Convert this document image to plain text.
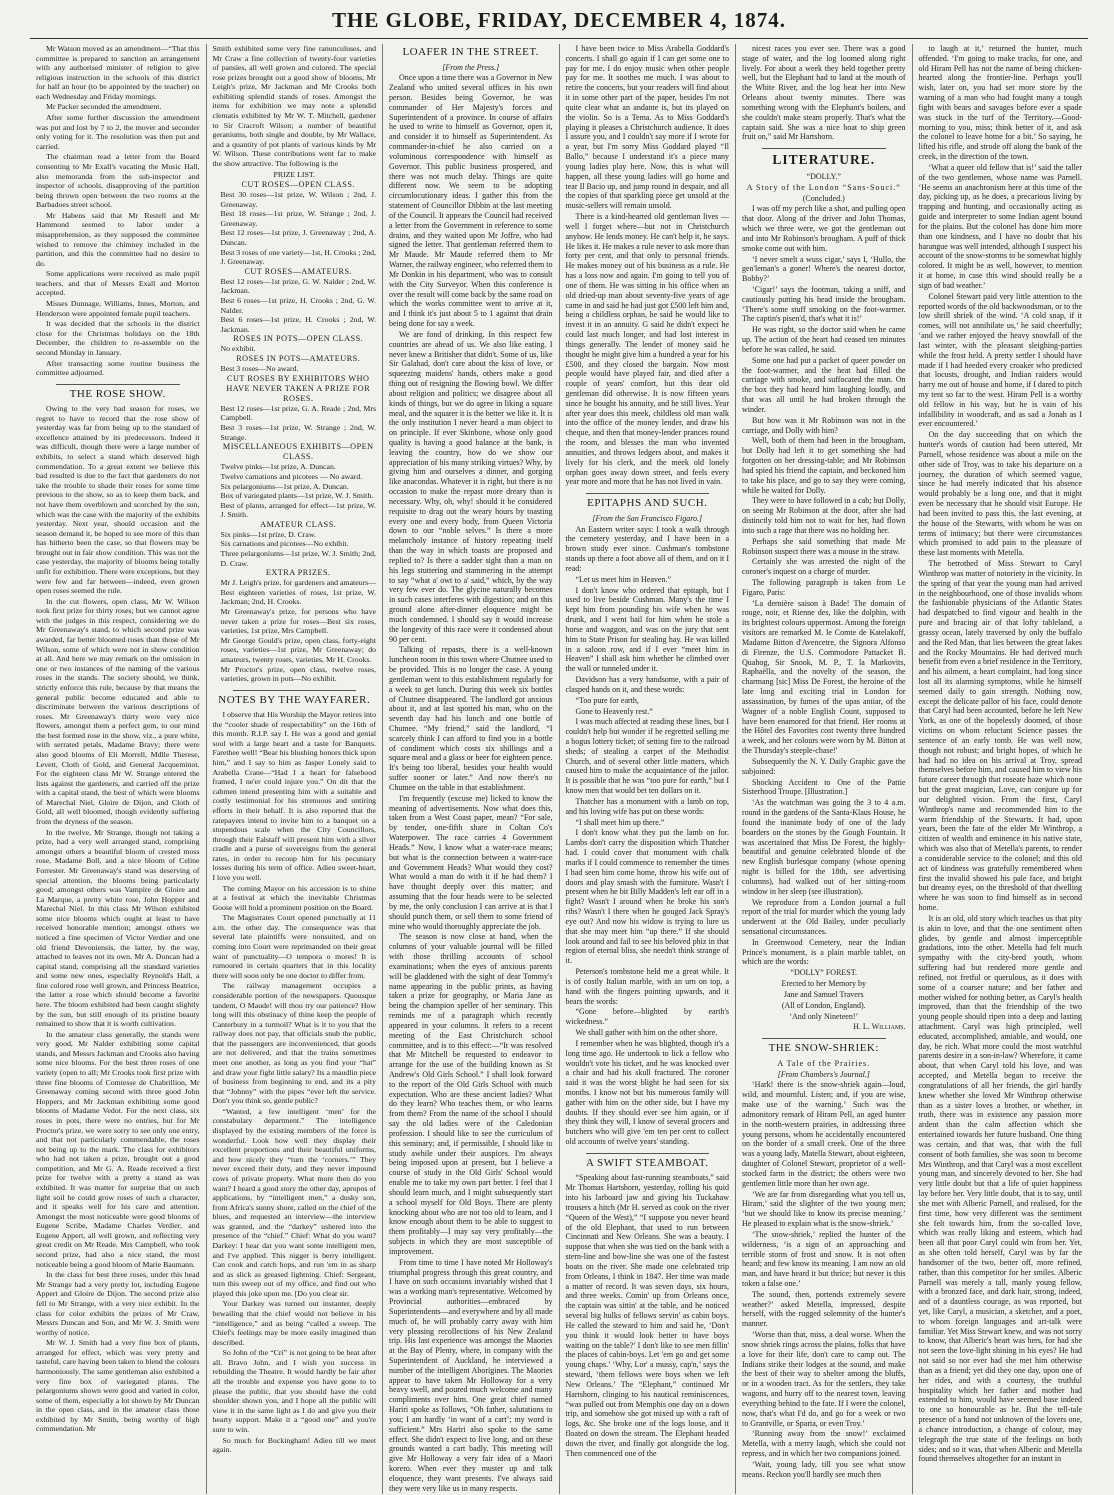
THE GLOBE, FRIDAY, DECEMBER 4, 1874.

Mr Watson moved as an amendment—“That this committee is prepared to sanction an arrangement with any authorised minister of religion to give religious instruction in the schools of this district for half an hour (to be appointed by the teacher) on each Wednesday and Friday mornings.

Mr Packer seconded the amendment.

After some further discussion the amendment was put and lost by 7 to 2, the mover and seconder only voting for it. The resolution was then put and carried.

The chairman read a letter from the Board consenting to Mr Exall's vacating the Music Hall, also memoranda from the sub-inspector and inspector of schools, disapproving of the partition being thrown open between the two rooms at the Barbadoes street school.

Mr Habens said that Mr Restell and Mr Hammond seemed to labor under a misapprehension, as they supposed the committee wished to remove the chimney included in the partition, and this the committee had no desire to do.

Some applications were received as male pupil teachers, and that of Messrs Exall and Morton accepted.

Misses Dunnage, Williams, Innes, Morton, and Henderson were appointed female pupil teachers.

It was decided that the schools in the district close for the Christmas holidays on the 18th December, the children to re-assemble on the second Monday in January.

After transacting some routine business the committee adjourned.

THE ROSE SHOW.

Owing to the very bad season for roses, we regret to have to record that the rose show of yesterday was far from being up to the standard of excellence attained by its predecessors. Indeed it was difficult, though there were a large number of exhibits, to select a stand which deserved high commendation. To a great extent we believe this bad resulted is due to the fact that gardeners do not take the trouble to shade their roses for some time previous to the show, so as to keep them back, and not have them overblown and scorched by the sun, which was the case with the majority of the exhibits yesterday. Next year, should occasion and the season demand it, be hoped to see more of this than has hitherto been the case, so that flowers may be brought out in fair show condition. This was not the case yesterday, the majority of blooms being totally unfit for exhibition. There were exceptions, but they were few and far between—indeed, even grown open roses seemed the rule.

In the cut flowers, open class, Mr W. Wilson took first prize for thirty roses; but we cannot agree with the judges in this respect, considering we do Mr Greenaway's stand, to which second prize was awarded, far better bloomed roses than those of Mr Wilson, some of which were not in show condition at all. And here we may remark on the omission in one or two instances of the naming of the various roses in the stands. The society should, we think, strictly enforce this rule, because by that means the general public become educated and able to discriminate between the various descriptions of roses. Mr Greenaway's thirty were very nice flowers, amongst them a perfect gem, to our mind the best formed rose in the show, viz., a pure white, with serrated petals, Madame Bravy; there were also good blooms of Eli Morrell, Mdlle Therese, Levett, Cloth of Gold, and General Jacqueminot. For the eighteen class Mr W. Strange entered the lists against the gardeners, and carried off the prize with a capital stand, the best of which were blooms of Marechal Niel, Gloire de Dijon, and Cloth of Gold, all well bloomed, though evidently suffering from the dryness of the season.

In the twelve, Mr Strange, though not taking a prize, had a very well arranged stand, comprising amongst others a beautiful bloom of crested moss rose, Madame Boll, and a nice bloom of Celine Forrester. Mr Greenaway's stand was deserving of special attention, the blooms being particularly good; amongst others was Vampire de Gloire and La Marque, a pretty white rose, John Hopper and Marechal Niel. In this class Mr Wilson exhibited some nice blooms which ought at least to have received honorable mention; amongst others we noticed a fine specimen of Victor Verdier and one old friend Devoniensis, the latter, by the way, attached to leaves not its own. Mr A. Duncan had a capital stand, comprising all the standard varieties and some new ones, especially Reynold's Hall, a fine colored rose well grown, and Princess Beatrice, the latter a rose which should become a favorite here. The bloom exhibited had been caught slightly by the sun, but still enough of its pristine beauty remained to show that it is worth cultivation.

In the amateur class generally, the stands were very good, Mr Nalder exhibiting some capital stands, and Messrs Jackman and Crooks also having some nice blooms. For the best three roses of one variety (open to all; Mr Crooks took first prize with three fine blooms of Comtesse de Chabrillion, Mr Greenaway coming second with three good John Hoppers, and Mr Jackman exhibiting some good blooms of Madame Vedot. For the next class, six roses in pots, there were no entries, but for Mr Proctor's prize, we were sorry to see only one entry, and that not particularly commendable, the roses not being up to the mark. The class for exhibitors who had not taken a prize, brought out a good competition, and Mr G. A. Reade received a first prize for twelve with a pretty a stand as was exhibited. It was matter for surprise that on such light soil he could grow roses of such a character, and it speaks well for his care and attention. Amongst the most noticeable were good blooms of Eugene Scribe, Madame Charles Verdier, and Eugene Appert, all well grown, and reflecting very great credit on Mr Reade. Mrs Campbell, who took second prize, had also a nice stand, the most noticeable being a good bloom of Marie Baumann.

In the class for best three roses, under this head Mr Strange had a very pretty lot, including Eugene Appert and Gloire de Dijon. The second prize also fell to Mr Strange, with a very nice exhibit. In the class for color exhibits the prizes of Mr Craw, Messrs Duncan and Son, and Mr W. J. Smith were worthy of notice.

Mr W. J. Smith had a very fine box of plants, arranged for effect, which was very pretty and tasteful, care having been taken to blend the colours harmoniously. The same gentleman also exhibited a very fine box of variegated plants. The pelargoniums shown were good and varied in color, some of them, especially a lot shown by Mr Duncan in the open class, and in the amateur class those exhibited by Mr Smith, being worthy of high commendation. Mr

Smith exhibited some very fine ranunculuses, and Mr Craw a fine collection of twenty-four varieties of pansies, all well grown and colored. The special rose prizes brought out a good show of blooms, Mr Leigh's prize, Mr Jackman and Mr Crooks both exhibiting splendid stands of roses. Amongst the items for exhibition we may note a splendid clematis exhibited by Mr W. T. Mitchell, gardener to Sir Cracroft Wilson; a number of beautiful geraniums, both single and double, by Mr Wallace, and a quantity of pot plants of various kinds by Mr W. Wilson. These contributions went far to make the show attractive. The following is the

PRIZE LIST.

CUT ROSES—OPEN CLASS.

Best 30 roses—1st prize, W. Wilson ; 2nd, J. Greenaway.

Best 18 roses—1st prize, W. Strange ; 2nd, J. Greenaway.

Best 12 roses—1st prize, J. Greenaway ; 2nd, A. Duncan.

Best 3 roses of one variety—1st, H. Crooks ; 2nd, J. Greenaway.

CUT ROSES—AMATEURS.

Best 12 roses—1st prize, G. W. Nalder ; 2nd, W. Jackman.

Best 6 roses—1st prize, H. Crooks ; 2nd, G. W. Nalder.

Best 6 roses—1st prize, H. Crooks ; 2nd, W. Jackman.

ROSES IN POTS—OPEN CLASS.

No exhibit.

ROSES IN POTS—AMATEURS.

Best 3 roses—No award.

CUT ROSES BY EXHIBITORS WHO HAVE NEVER TAKEN A PRIZE FOR ROSES.

Best 12 roses—1st prize, G. A. Reade ; 2nd, Mrs Campbell.

Best 3 roses—1st prize, W. Strange ; 2nd, W. Strange.

MISCELLANEOUS EXHIBITS—OPEN CLASS.

Twelve pinks—1st prize, A. Duncan.

Twelve carnations and picotees — No award.

Six pelargoniums—1st prize, A. Duncan.

Box of variegated plants—1st prize, W. J. Smith.

Best of plants, arranged for effect—1st prize, W. J. Smith.

AMATEUR CLASS.

Six pinks—1st prize, D. Craw.

Six carnations and picotees—No exhibit.

Three pelargoniums—1st prize, W. J. Smith; 2nd, D. Craw.

EXTRA PRIZES.

Mr J. Leigh's prize, for gardeners and amateurs—Best eighteen varieties of roses, 1st prize, W. Jackman; 2nd, H. Crooks.

Mr Greenaway's prize, for persons who have never taken a prize for roses—Best six roses, varieties, 1st prize, Mrs Campbell.

Mr George Gould's prize, open class, forty-eight roses, varieties—1st prize, Mr Greenaway; do amateurs, twenty roses, varieties, Mr H. Crooks.

Mr Proctor's prize, open class, twelve roses, varieties, grown in pots—No exhibit.

NOTES BY THE WAYFARER.

I observe that His Worship the Mayor retires into the “cooler shade of respectability” on the 16th of this month. R.I.P. say I. He was a good and genial soul with a large heart and a taste for Banquets. Farethee well! “Bear his blushing honors thick upon him,” and I say to him as Jasper Lonely said to Arabella Crane—“Had I a heart for falsehood framed, I ne'er could injure you.” On dit that the cabmen intend presenting him with a suitable and costly testimonial for his strenuous and untiring efforts in their behalf. It is also reported that the ratepayers intend to invite him to a banquet on a stupendous scale when the City Councillors, through their Falstaff will present him with a silver cradle and a purse of sovereigns from the general rates, in order to recoup him for his pecuniary losses during his term of office. Adieu sweet-heart, I love you well.

The coming Mayor on his accession is to shine at a festival at which the inevitable Christmas Goose will hold a prominent position on the Board.

The Magistrates Court opened punctually at 11 a.m. the other day. The consequence was that several late plaintiffs were nonsuited, and on coming into Court were reprimanded on their great want of punctuality—O tempora o mores! It is rumoured in certain quarters that in this locality there will soon only be one doctor to differ from.

The railway management occupies a considerable portion of the newspapers. Quousque tandem, O Maude! will thou try our patience? How long will this obstinacy of thine keep the people of Canterbury in a turmoil? What is it to you that the railway does not pay, that officials snub the public, that the passengers are inconvenienced, that goods are not delivered, and that the trains sometimes meet one another, as long as you find your “hat” and draw your fight little salary? Its a maudlin piece of business from beginning to end, and its a pity that “Johnny” with the pipes “ever left the service. Don't you think so, gentle public?

“Wanted, a few intelligent ‘men’ for the constabulary department.” The intelligence displayed by the existing members of the force is wonderful. Look how well they display their excellent proportions and their beautiful uniforms, and how nicely they “turn the ‘corners.’” They never exceed their duty, and they never impound cows of private property. What more then do you want? I heard a good story the other day, apropos of applications, by “intelligent men,” a dusky son, from Africa's sunny shore, called on the chief of the blues, and requested an interview—the interview was granted, and the “darkey” ushered into the presence of the “chief.” Chief: What do you want? Darkey: I hear dat you want some intelligent men, and I've applied. This nigger is berry intelligent. Can cook and catch hops, and run 'em in as sharp and as slick as greased lightning. Chief: Sergeant, turn this sweep out of my office, and find out who played this joke upon me. [Do you clear sir.

Your Darkey was turned out instanter, deeply bewailing that the chief would not believe in his “intelligence,” and as being “called a sweep. The Chief's feelings may be more easily imagined than described.

So John of the “Cri” is not going to be beat after all. Bravo John, and I wish you success in rebuilding the Theatre. It would hardly be fair after all the trouble and expense you have gone to to please the public, that you should have the cold shoulder shown you, and I hope all the public will view it in the same light as I do and give you their hearty support. Make it a “good one” and you're sure to win.

So much for Buckingham! Adieu till we meet again.

LOAFER IN THE STREET.

[From the Press.]

Once upon a time there was a Governor in New Zealand who united several offices in his own person. Besides being Governor, he was commander of Her Majesty's forces and Superintendent of a province. In course of affairs he used to write to himself as Governor, open it, and consider it to himself as Superintendent. As commander-in-chief he also carried on a voluminous correspondence with himself as Governor. This public business prospered, and there was not much delay. Things are quite different now. We seem to be adopting circumlocutionary ideas. I gather this from the statement of Councillor Dibbin at the last meeting of the Council. It appears the Council had received a letter from the Government in reference to some drains, and they waited upon Mr Joffre, who had signed the letter. That gentleman referred them to Mr Maude. Mr Maude referred them to Mr Warner, the railway engineer, who referred them to Mr Donkin in his department, who was to consult with the City Surveyor. When this conference is over the result will come back by the same road on which the works committee went to arrive at it, and I think it's just about 5 to 1 against that drain being done for say a week.

We are fond of drinking. In this respect few countries are ahead of us. We also like eating. I never knew a Britisher that didn't. Some of us, like Sir Galahad, don't care about the kiss of love, or squeezing maidens' hands, others make a good thing out of resigning the flowing bowl. We differ about religion and politics; we disagree about all kinds of things, but we do agree in liking a square meal, and the squarer it is the better we like it. It is the only institution I never heard a man object to on principle. If ever Skinbone, whose only good quality is having a good balance at the bank, is leaving the country, how do we show our appreciation of his many striking virtues? Why, by giving him and ourselves a dinner, and gorging like anacondas. Whatever it is right, but there is no occasion to make the repast more dreary than is necessary. Why, oh, why! should it be considered requisite to drag out the weary hours by toasting every one and every body, from Queen Victoria down to our “noble selves.” Is there a more melancholy instance of history repeating itself than the way in which toasts are proposed and replied to? Is there a sadder sight than a man on his legs stuttering and stammering in the attempt to say “what a' owt to a' said,” which, by the way very few ever do. The glycine naturally becomes in such cases interferes with digestion; and on this ground alone after-dinner eloquence might be much condemned. I should say it would increase the longevity of this race were it condensed about 90 per cent.

Talking of repasts, there is a well-known luncheon room in this town where Chutnee used to be provided. This is no longer the case. A young gentleman went to this establishment regularly for a week to get lunch. During this week six bottles of Chutnee disappeared. The landlord got anxious about it, and at last spotted his man, who on the seventh day had his lunch and one bottle of Chutnee. “My friend,” said the landlord, “I scarcely think I can afford to find you in a bottle of condiment which costs six shillings and a square meal and a glass or beer for eighteen pence. It's being too liberal, besides your health would suffer sooner or later.” And now there's no Chutnee on the table in that establishment.

I'm frequently (excuse me) licked to know the meaning of advertisements. Now what does this, taken from a West Coast paper, mean? “For sale, by tender, one-fifth share in Coltan Co's Waterpower. The race carries 4 Government Heads.” Now, I know what a water-race means; but what is the connection between a water-race and Government Heads? What would they cost? What would a man do with it if he had them? I have thought deeply over this matter; and assuming that the four heads were to be selected by me, the only conclusion I can arrive at is that I should punch them, or sell them to some friend of mine who would thoroughly appreciate the job.

The season is now close at hand, when the columns of your valuable journal will be filled with those thrilling accounts of school examinations; when the eyes of anxious parents will be gladdened with the sight of dear Tommy's name appearing in the public prints, as having taken a prize for geography, or Maria Jane as being the champion speller of her seminary. This reminds me of a paragraph which recently appeared in your columns. It refers to a recent meeting of the East Christchurch school committee, and is to this effect:—“It was resolved that Mr Mitchell be requested to endeavor to arrange for the use of the building known as St Andrew's Old Girls School.” I shall look forward to the report of the Old Girls School with much expectation. Who are these ancient ladies? What do they learn? Who teaches them, or who learns from them? From the name of the school I should say the old ladies were of the Caledonian profession. I should like to see the curriculum of this seminary; and, if permissible, I should like to study awhile under their auspices. I'm always being imposed upon at present, but I believe a course of study in the Old Girls' School would enable me to take my own part better. I feel that I should learn much, and I might subsequently start a school myself for Old Boys. There are plenty knocking about who are not too old to learn, and I know enough about them to be able to suggest to them profitably—I may say very profitably—the subjects in which they are most susceptible of improvement.

From time to time I have noted Mr Holloway's triumphal progress through this great country, and I have on such occasions invariably wished that I was a working man's representative. Welcomed by Provincial authorities—embraced by Superintendents—and everywhere and by all made much of, he will probably carry away with him very pleasing recollections of his New Zealand trip. His last experience was amongst the Maories at the Bay of Plenty, where, in company with the Superintendent of Auckland, he interviewed a number of the intelligent Aborigines. The Maories appear to have taken Mr Holloway for a very heavy swell, and poured much welcome and many compliments over him. One great chief named Hariri spoke as follows, “Oh father, salutations to you; I am hardly ‘in want of a cart’; my word is sufficient.” Mrs Hariri also spoke to the same effect. She didn't expect to live long, and on these grounds wanted a cart badly. This meeting will give Mr Holloway a very fair idea of a Maori korero. When ever they muster up and talk eloquence, they want presents. I've always said they were very like us in many respects.

I have been twice to Miss Arabella Goddard's concerts. I shall go again if I can get some one to pay for me. I do enjoy music when other people pay for me. It soothes me much. I was about to retire the concerts, but your readers will find about it in some other part of the paper, besides I'm not quite clear what an andante is, but its played on the violin. So is a Tema. As to Miss Goddard's playing it pleases a Christchurch audience. It does I assure you, and I couldn't say more if I wrote for a year, but I'm sorry Miss Goddard played “Il Ballo,” because I understand it's a piece many young ladies play here. Now, this is what will happen, all these young ladies will go home and tear Il Bacio up, and jump round in despair, and all the copies of that sparkling piece get unsold at the music-sellers will remain unsold.

There is a kind-hearted old gentleman lives —well I forget where—but not in Christchurch anyhow. He lends money. He can't help it, he says. He likes it. He makes a rule never to ask more than forty per cent, and that only to personal friends. He makes money out of his business as a rule. He has a loss now and again. I'm going to tell you of one of them. He was sitting in his office when an old dried-up man about seventy-five years of age came in and said he had just got £500 left him and, being a childless orphan, he said he would like to invest it in an annuity. G said he didn't expect he could last much longer, and had lost interest in things generally. The lender of money said he thought he might give him a hundred a year for his £500, and they closed the bargain. Now most people would have played fair, and died after a couple of years' comfort, but this dear old gentleman did otherwise. It is now fifteen years since he bought his annuity, and he still lives. Year after year does this meek, childless old man walk into the office of the money lender, and draw his cheque, and then that money-lender prances round the room, and blesses the man who invented annuities, and throws ledgers about, and makes it lively for his clerk, and the meek old lonely orphan goes away down street, and feels every year more and more that he has not lived in vain.

EPITAPHS AND SUCH.

[From the San Francisco Figaro.]

An Eastern writer says: I took a walk through the cemetery yesterday, and I have been in a brown study ever since. Cushman's tombstone stands up there a foot above all of them, and on it I read:

“Let us meet him in Heaven.”

I don't know who ordered that epitaph, but I used to live beside Cushman. Many's the time I kept him from pounding his wife when he was drunk, and I went bail for him when he stole a horse and waggon, and was on the jury that sent him to State Prison for stealing hay. He was killed in a saloon row, and if I ever “meet him in Heaven” I shall ask him whether he climbed over the wall or tunneled under it.

Davidson has a very handsome, with a pair of clasped hands on it, and these words:

“Too pure for earth,

Gone to Heavenly rest.”

I was much affected at reading these lines, but I couldn't help but wonder if he regretted selling me a bogus lottery ticket; of setting fire to the railroad sheds; of stealing a carpet of the Methodist Church, and of several other little matters, which caused him to make the acquaintance of the jailor. It is possible that he was “too pure for earth,” but I know men that would bet ten dollars on it.

Thatcher has a monument with a lamb on top, and his loving wife has put on these words:

“I shall meet him up there.”

I don't know what they put the lamb on for. Lambs don't carry the disposition which Thatcher had. I could cover that monument with chalk marks if I could commence to remember the times I had seen him come home, throw his wife out of doors and play smash with the furniture. Wasn't I present when he bit Billy Madden's left ear off in a fight? Wasn't I around when he broke his son's ribs? Wasn't I there when he gouged Jack Spray's eye out? And now his widow is trying to lure us that she may meet him “up there.” If she should look around and fail to see his beloved phiz in that region of eternal bliss, she needn't think strange of it.

Peterson's tombstone held me a great while. It is of costly Italian marble, with an urn on top, a hand with the fingers pointing upwards, and it bears the words:

“Gone before—blighted by earth's wickedness.”

We shall gather with him on the other shore.

I remember when he was blighted, though it's a long time ago. He undertook to lick a fellow who wouldn't vote his ticket, and he was knocked over a chair and had his skull fractured. The coroner said it was the worst blight he had seen for six months. I know not but his numerous family will gather with him on the other side, but I have my doubts. If they should ever see him again, or if they think they will, I know of several grocers and butchers who will give 'em ten per cent to collect old accounts of twelve years' standing.

A SWIFT STEAMBOAT.

“Speaking about fast-running steamboats,” said Mr Thomas Hartshorn, yesterday, rolling his quid into his larboard jaw and giving his Tuckahaw trousers a hitch (Mr H. served as cook on the river “Queen of the West),” “I suppose you never heard of the old Elephant, that used to run between Cincinnati and New Orleans. She was a beauty. I suppose that when she was tied on the bank with a stern-line and bow-line she was one of the fastest boats on the river. She made one celebrated trip from Orleans, I think in 1847. Her time was made a matter of record. It was seven days, six hours, and three weeks. Comin' up from Orleans once, the captain was sittin' at the table, and he noticed several big hulks of fellows servin' as cabin boys. He called the steward to him and said he, ‘Don't you think it would look better to have boys waiting on the table?’ I don't like to see men fillin' the places of cabin-boys. Let 'em go and get some young chaps.’ ‘Why, Lor' a mussy, cap'n,’ says the steward, ‘them fellows were boys when we left New Orleans.’ The “Elephant,” continued Mr Hartshorn, clinging to his nautical reminiscences, “was pulled out from Memphis one day on a down trip, and somehow she got mixed up with a raft of logs, &c. She broke one of the logs loose, and it floated on down the stream. The Elephant headed down the river, and finally got alongside the log. Then commenced one of the

nicest races you ever see. There was a good stage of water, and the log loomed along right lively. For about a week they held together pretty well, but the Elephant had to land at the mouth of the White River, and the log beat her into New Orleans about twenty minutes. There was something wrong with the Elephant's boilers, and she couldn't make steam properly. That's what the captain said. She was a nice boat to ship green fruit on,” said Mr Hartshorn.

LITERATURE.

“DOLLY.”

A Story of the London “Sans-Souci.”

(Concluded.)

I was off my perch like a shot, and pulling open that door. Along of the driver and John Thomas, which we three were, we got the gentleman out and into Mr Robinson's brougham. A puff of thick smoke come out with him.

‘I never smelt a wuss cigar,’ says I, ‘Hullo, the gen'leman's a goner! Where's the nearest doctor, Bobby?’

‘Cigar!’ says the footman, taking a sniff, and cautiously putting his head inside the brougham. ‘There's some stuff smoking on the foot-warmer. The captin's pisen'd, that's what it is!’

He was right, so the doctor said when he came up. The action of the heart had ceased ten minutes before he was called, he said.

Some one had put a packet of queer powder on the foot-warmer, and the heat had filled the carriage with smoke, and suffocated the man. On the box they had heard him laughing loudly, and that was all until he had broken through the winder.

But how was it Mr Robinson was not in the carriage, and Dolly with him?

Well, both of them had been in the brougham, but Dolly had left it to get something she had forgotten on her dressing-table; and Mr Robinson had spied his friend the captain, and beckoned him to take his place, and go to say they were coming, while he waited for Dolly.

They were to have followed in a cab; but Dolly, on seeing Mr Robinson at the door, after she had distinctly told him not to wait for her, had flown into such a rage that there was no holding her.

Perhaps she said something that made Mr Robinson suspect there was a mouse in the straw.

Certainly she was arrested the night of the coroner's inquest on a charge of murder.

The following paragraph is taken from Le Figaro, Paris:

‘La dernière saison à Bade! The domain of rouge, noir, et Rienne des, like the dolphin, with its brightest colours uppermost. Among the foreign visitors are remarked M. le Comte de Katelakoff, Madame Bitton d'Avencetre, the Signora Alfonso di Firenze, the U.S. Commodore Pattacket B. Quahog, Sir Snook, M. P., T. la Markovits, Raphaëlla, and the novelty of the season, the charmang [sic] Miss De Forest, the heroine of the late long and exciting trial in London for assassination, by fumes of the upas antiar, of the Wagner of a noble English Count, supposed to have been enamored for that friend. Her rooms at the Hôtel des Favorites cost twenty three hundred a week, and her colours were worn by M. Bitton at the Thursday's steeple-chase!'

Subsequently the N. Y. Daily Graphic gave the subjoined:

Shocking Accident to One of the Pattie Sisterhood Troupe. [Illustration.]

‘As the watchman was going the 3 to 4 a.m. round in the gardens of the Santa-Klaus House, he found the inanimate body of one of the lady boarders on the stones by the Gough Fountain. It was ascertained that Miss De Forest, the highly-beautiful and genuine celebrated blonde of the new English burlesque company (whose opening night is billed for the 18th, see advertising columns), had walked out of her sitting-room window in her sleep (see illustration).

We reproduce from a London journal a full report of the trial for murder which the young lady underwent at the Old Bailey, under peculiarly sensational circumstances.

In Greenwood Cemetery, near the Indian Prince's monument, is a plain marble tablet, on which are the words:

“DOLLY” FOREST.

Erected to her Memory by

Jane and Samuel Travers

(All of London, England).

‘And only Nineteen!’

H. L. Williams.

THE SNOW-SHRIEK:

A Tale of the Prairies.

[From Chambers's Journal.]

‘Hark! there is the snow-shriek again—loud, wild, and mournful. Listen; and, if you are wise, make use of the warning.’ Such was the admonitory remark of Hiram Pell, an aged hunter in the north-western prairies, in addressing three young persons, whom he accidentally encountered on the border of a small creek. One of the three was a young lady, Matella Stewart, about eighteen, daughter of Colonel Stewart, proprietor of a well-stocked farm in the district; the others were two gentlemen little more than her own age.

‘We are far from disregarding what you tell us, Hiram,’ said the slighter of the two young men; ‘but we should like to know its precise meaning.’ He pleased to explain what is the snow-shriek.’

‘The snow-shriek,’ replied the hunter of the wilderness, ‘is a sign of an approaching and terrible storm of frost and snow. It is not often heard; and few know its meaning. I am now an old man, and have heard it but thrice; but never is this token a false one.’

The sound, then, portends extremely severe weather?’ asked Metella, impressed, despite herself, with the rugged solemnity of the hunter's manner.

‘Worse than that, miss, a deal worse. When the snow shriek rings across the plains, folks that have a love for their life, don't care to camp out. The Indians strike their lodges at the sound, and make the best of their way to shelter among the bluffs, or in a wooden tract. As for the settlers, they take wagons, and hurry off to the nearest town, leaving everything behind to the fate. If I were the colonel, now, that's what I'd do, and go for a week or two to Grantville, or Sparta, or even Troy.’

‘Running away from the snow!’ exclaimed Metella, with a merry laugh, which she could not repress, and in which her two companions joined.

‘Wait, young lady, till you see what snow means. Reckon you'll hardly see much then

to laugh at it,’ returned the hunter, much offended. ‘I'm going to make tracks, for one, and old Hiram Pell has not the name of being chicken-hearted along the frontier-line. Perhaps you'll wish, later on, you had set more store by the warning of a man who had fought many a tough fight with bears and savages before ever a spade was stuck in the turf of the Territory.—Good-morning to you, miss; think better of it, and ask the colonel to leave home for a bit.’ So saying, he lifted his rifle, and strode off along the bank of the creek, in the direction of the town.

‘What a queer old fellow that is!’ said the taller of the two gentlemen, whose name was Parnell. ‘He seems an anachronism here at this time of the day, picking up, as he does, a precarious living by trapping and hunting, and occasionally acting as guide and interpreter to some Indian agent bound for the plains. But the colonel has done him more than one kindness, and I have no doubt that his harangue was well intended, although I suspect his account of the snow-storms to be somewhat highly colored. It might be as well, however, to mention it at home, in case this wind should really be a sign of bad weather.’

Colonel Stewart paid very little attention to the reported words of the old backwoodsman, or to the low shrill shriek of the wind. ‘A cold snap, if it comes, will not annihilate us,’ he said cheerfully; ‘and we rather enjoyed the heavy snowfall of the last winter, with the pleasant sleighing-parties while the frost held. A pretty settler I should have made if I had heeded every croaker who predicted that locusts, drought, and Indian raiders would harry me out of house and home, if I dared to pitch my tent so far to the west. Hiram Pell is a worthy old fellow in his way, but he is vain of his infallibility in woodcraft, and as sad a Jonah as I ever encountered.’

On the day succeeding that on which the hunter's words of caution had been uttered, Mr Parnell, whose residence was about a mile on the other side of Troy, was to take his departure on a journey, the duration of which seemed vague, since he had merely indicated that his absence would probably be a long one, and that it might even be necessary that he should visit Europe. He had been invited to pass this, the last evening, at the house of the Stewarts, with whom he was on terms of intimacy; but there were circumstances which promised to add pain to the pleasure of these last moments with Metella.

The betrothed of Miss Stewart to Caryl Winthrop was matter of notoriety in the vicinity. In the spring of that year the young man had arrived in the neighbourhood, one of those invalids whom the fashionable physicians of the Atlantic States had despatched to find vigour and health in the pure and bracing air of that lofty tableland, a grassy ocean, lately traversed by only the buffalo and the Red Man, that lies between the great lakes and the Rocky Mountains. He had derived much benefit from even a brief residence in the Territory, and his ailment, a heart complaint, had long since lost all its alarming symptoms, while he himself seemed daily to gain strength. Nothing now, except the delicate pallor of his face, could denote that Caryl had been accounted, before he left New York, as one of the hopelessly doomed, of those victims on whom reluctant Science passes the sentence of an early tomb. He was well now, though not robust; and bright hopes, of which he had had no idea on his arrival at Troy, spread themselves before him, and caused him to view his future career through that roseate haze which none but the great magician, Love, can conjure up for our delighted vision. From the first, Caryl Winthrop's name and recommended him to the warm friendship of the Stewarts. It had, upon years, been the fate of the elder Mr Winthrop, a citizen of wealth and eminence in his native state, which was also that of Metella's parents, to render a considerable service to the colonel; and this old act of kindness was gratefully remembered when first the invalid showed his pale face, and bright but dreamy eyes, on the threshold of that dwelling where he was soon to find himself as in second home.

It is an old, old story which teaches us that pity is akin to love, and that the one sentiment often glides, by gentle and almost imperceptible gradations, into the other. Metella had felt much sympathy with the city-bred youth, whom suffering had but rendered more gentle and refined, not fretful or querulous, as it does with some of a coarser nature; and her father and mother wished for nothing better, as Caryl's health improved, than that the friendship of the two young people should ripen into a deep and lasting attachment. Caryl was high principled, well educated, accomplished, amiable, and would, one day, be rich. What more could the most watchful parents desire in a son-in-law? Wherefore, it came about, that when Caryl told his love, and was accepted, and Metella began to receive the congratulations of all her friends, the girl hardly knew whether she loved Mr Winthrop otherwise than as a sister loves a brother, or whether, in truth, there was in existence any passion more ardent than the calm affection which she entertained towards her future husband. One thing was certain, and that was, that with the full consent of both families, she was soon to become Mrs Winthrop, and that Caryl was a most excellent young man, and sincerely devoted to her. She had very little doubt but that a life of quiet happiness lay before her. Very little doubt, that is to say, until she met with Alberic Parnell, and realised, for the first time, how very different was the sentiment she felt towards him, from the so-called love, which was really liking and esteem, which had been all that poor Caryl could win from her. Yet, as she often told herself, Caryl was by far the handsomer of the two, better off, more refined, rather, than this competitor for her smiles. Alberic Parnell was merely a tall, manly young fellow, with a bronzed face, and dark hair, strong, indeed, and of a dauntless courage, as was reported, but yet, like Caryl, a musician, a sketcher, and a poet, to whom foreign languages and art-talk were familiar. Yet Miss Stewart knew, and was not sorry to know, that Alberic's heart was hers, for had she not seen the love-light shining in his eyes? He had not said so nor ever had she met him otherwise than as a friend; yet did they one day, upon one of her rides, and with a courtesy, the truthful hospitality which her father and mother had extended to him, would have seemed base indeed to one so honourable as he. But the tell-tale presence of a hand not unknown of the lovers one, a chance introduction, a change of colour, may telegraph the true state of the feelings on both sides; and so it was, that when Alberic and Metella found themselves altogether for an instant in
